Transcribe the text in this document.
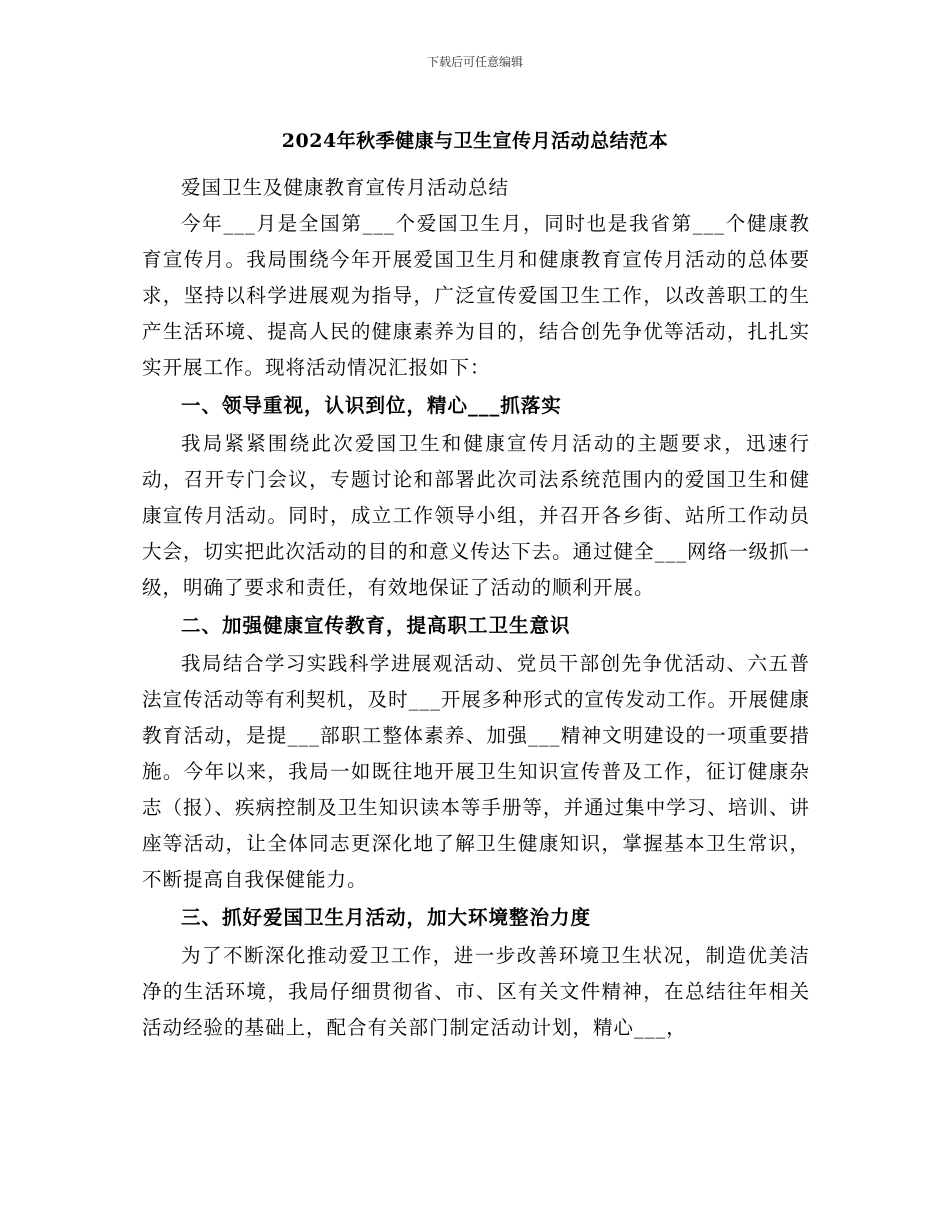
下载后可任意编辑
2024年秋季健康与卫生宣传月活动总结范本

爱国卫生及健康教育宣传月活动总结

今年___月是全国第___个爱国卫生月，同时也是我省第___个健康教育宣传月。我局围绕今年开展爱国卫生月和健康教育宣传月活动的总体要求，坚持以科学进展观为指导，广泛宣传爱国卫生工作，以改善职工的生产生活环境、提高人民的健康素养为目的，结合创先争优等活动，扎扎实实开展工作。现将活动情况汇报如下：

一、领导重视，认识到位，精心___抓落实

我局紧紧围绕此次爱国卫生和健康宣传月活动的主题要求，迅速行动，召开专门会议，专题讨论和部署此次司法系统范围内的爱国卫生和健康宣传月活动。同时，成立工作领导小组，并召开各乡街、站所工作动员大会，切实把此次活动的目的和意义传达下去。通过健全___网络一级抓一级，明确了要求和责任，有效地保证了活动的顺利开展。

二、加强健康宣传教育，提高职工卫生意识

我局结合学习实践科学进展观活动、党员干部创先争优活动、六五普法宣传活动等有利契机，及时___开展多种形式的宣传发动工作。开展健康教育活动，是提___部职工整体素养、加强___精神文明建设的一项重要措施。今年以来，我局一如既往地开展卫生知识宣传普及工作，征订健康杂志（报）、疾病控制及卫生知识读本等手册等，并通过集中学习、培训、讲座等活动，让全体同志更深化地了解卫生健康知识，掌握基本卫生常识，不断提高自我保健能力。

三、抓好爱国卫生月活动，加大环境整治力度

为了不断深化推动爱卫工作，进一步改善环境卫生状况，制造优美洁净的生活环境，我局仔细贯彻省、市、区有关文件精神，在总结往年相关活动经验的基础上，配合有关部门制定活动计划，精心___，
